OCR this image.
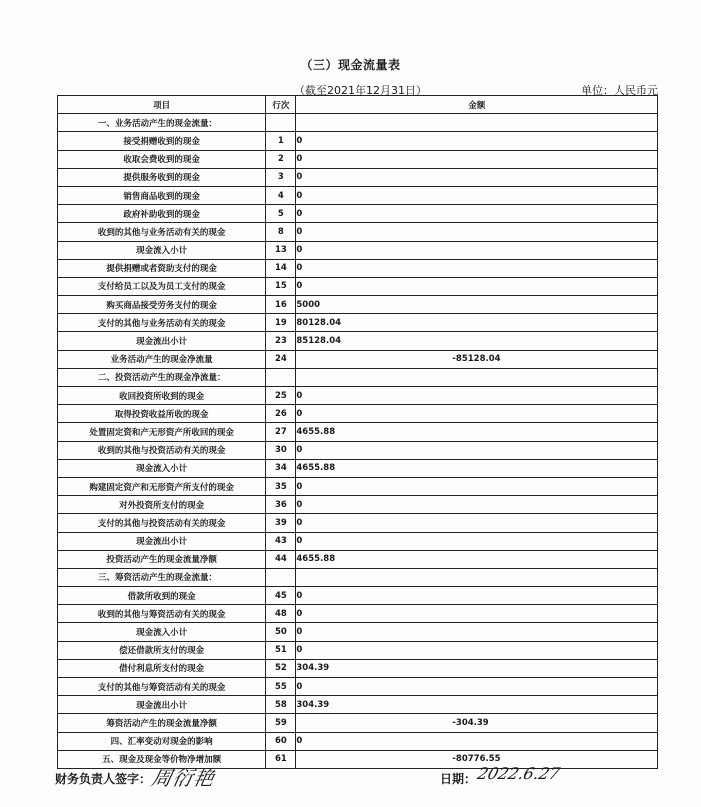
（三）现金流量表
（截至2021年12月31日）	单位：人民币元
项目	行次	金额
一、业务活动产生的现金流量：		
接受捐赠收到的现金	1	0
收取会费收到的现金	2	0
提供服务收到的现金	3	0
销售商品收到的现金	4	0
政府补助收到的现金	5	0
收到的其他与业务活动有关的现金	8	0
现金流入小计	13	0
提供捐赠或者资助支付的现金	14	0
支付给员工以及为员工支付的现金	15	0
购买商品接受劳务支付的现金	16	5000
支付的其他与业务活动有关的现金	19	80128.04
现金流出小计	23	85128.04
业务活动产生的现金净流量	24	-85128.04
二、投资活动产生的现金净流量：		
收回投资所收到的现金	25	0
取得投资收益所收的现金	26	0
处置固定资和产无形资产所收回的现金	27	4655.88
收到的其他与投资活动有关的现金	30	0
现金流入小计	34	4655.88
购建固定资产和无形资产所支付的现金	35	0
对外投资所支付的现金	36	0
支付的其他与投资活动有关的现金	39	0
现金流出小计	43	0
投资活动产生的现金流量净额	44	4655.88
三、筹资活动产生的现金流量：		
借款所收到的现金	45	0
收到的其他与筹资活动有关的现金	48	0
现金流入小计	50	0
偿还借款所支付的现金	51	0
借付利息所支付的现金	52	304.39
支付的其他与筹资活动有关的现金	55	0
现金流出小计	58	304.39
筹资活动产生的现金流量净额	59	-304.39
四、汇率变动对现金的影响	60	0
五、现金及现金等价物净增加额	61	-80776.55
财务负责人签字：
周衍艳	日期： 2022.6.27
